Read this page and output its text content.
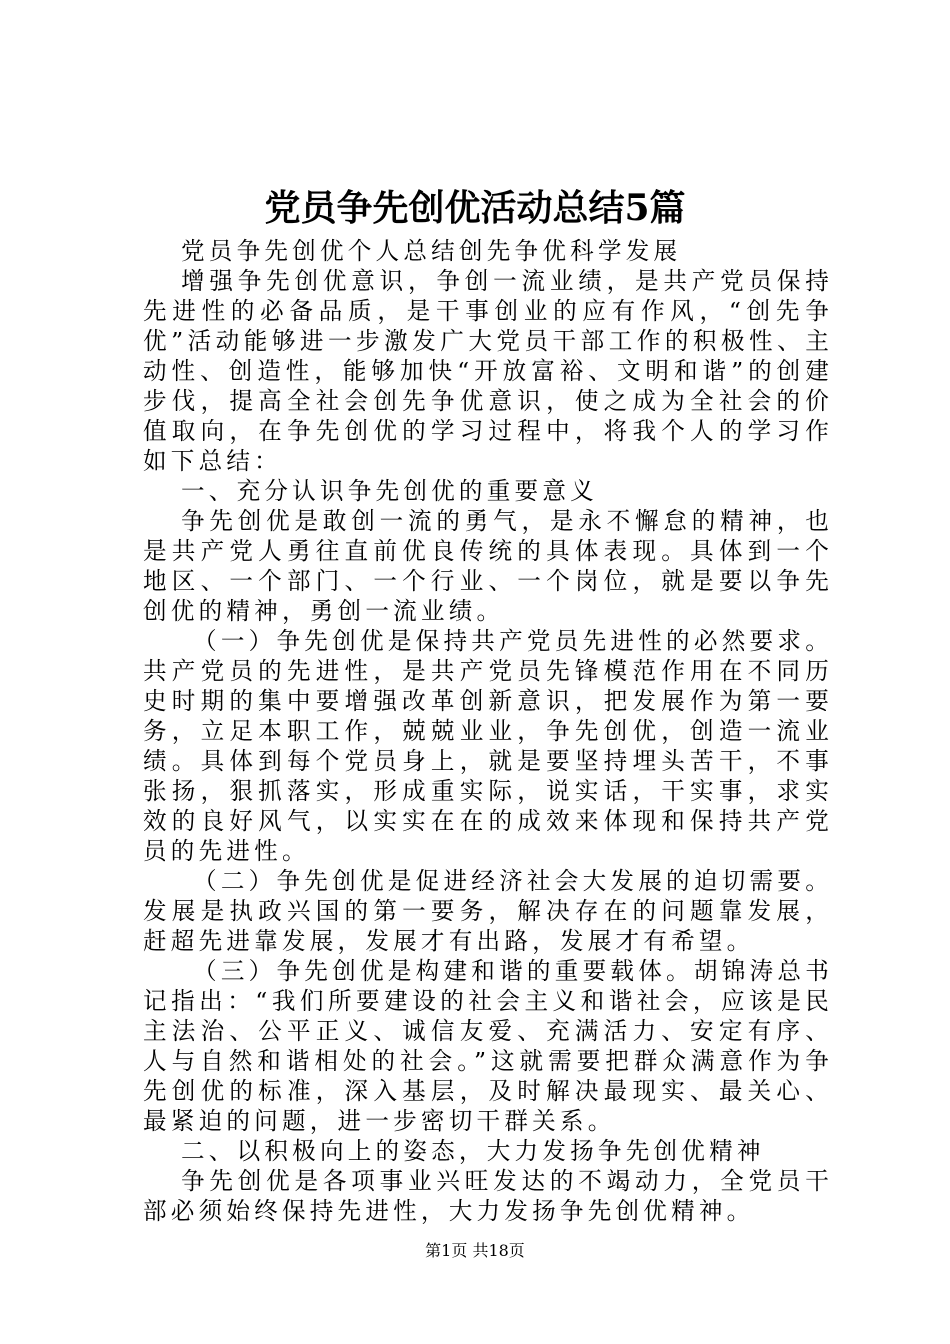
党员争先创优活动总结5篇

党员争先创优个人总结创先争优科学发展

增强争先创优意识，争创一流业绩，是共产党员保持先进性的必备品质，是干事创业的应有作风，“创先争优”活动能够进一步激发广大党员干部工作的积极性、主动性、创造性，能够加快“开放富裕、文明和谐”的创建步伐，提高全社会创先争优意识，使之成为全社会的价值取向，在争先创优的学习过程中，将我个人的学习作如下总结：

一、充分认识争先创优的重要意义

争先创优是敢创一流的勇气，是永不懈怠的精神，也是共产党人勇往直前优良传统的具体表现。具体到一个地区、一个部门、一个行业、一个岗位，就是要以争先创优的精神，勇创一流业绩。

（一）争先创优是保持共产党员先进性的必然要求。共产党员的先进性，是共产党员先锋模范作用在不同历史时期的集中要增强改革创新意识，把发展作为第一要务，立足本职工作，兢兢业业，争先创优，创造一流业绩。具体到每个党员身上，就是要坚持埋头苦干，不事张扬，狠抓落实，形成重实际，说实话，干实事，求实效的良好风气，以实实在在的成效来体现和保持共产党员的先进性。

（二）争先创优是促进经济社会大发展的迫切需要。发展是执政兴国的第一要务，解决存在的问题靠发展，赶超先进靠发展，发展才有出路，发展才有希望。

（三）争先创优是构建和谐的重要载体。胡锦涛总书记指出：“我们所要建设的社会主义和谐社会，应该是民主法治、公平正义、诚信友爱、充满活力、安定有序、人与自然和谐相处的社会。”这就需要把群众满意作为争先创优的标准，深入基层，及时解决最现实、最关心、最紧迫的问题，进一步密切干群关系。

二、以积极向上的姿态，大力发扬争先创优精神

争先创优是各项事业兴旺发达的不竭动力，全党员干部必须始终保持先进性，大力发扬争先创优精神。

第1页 共18页
